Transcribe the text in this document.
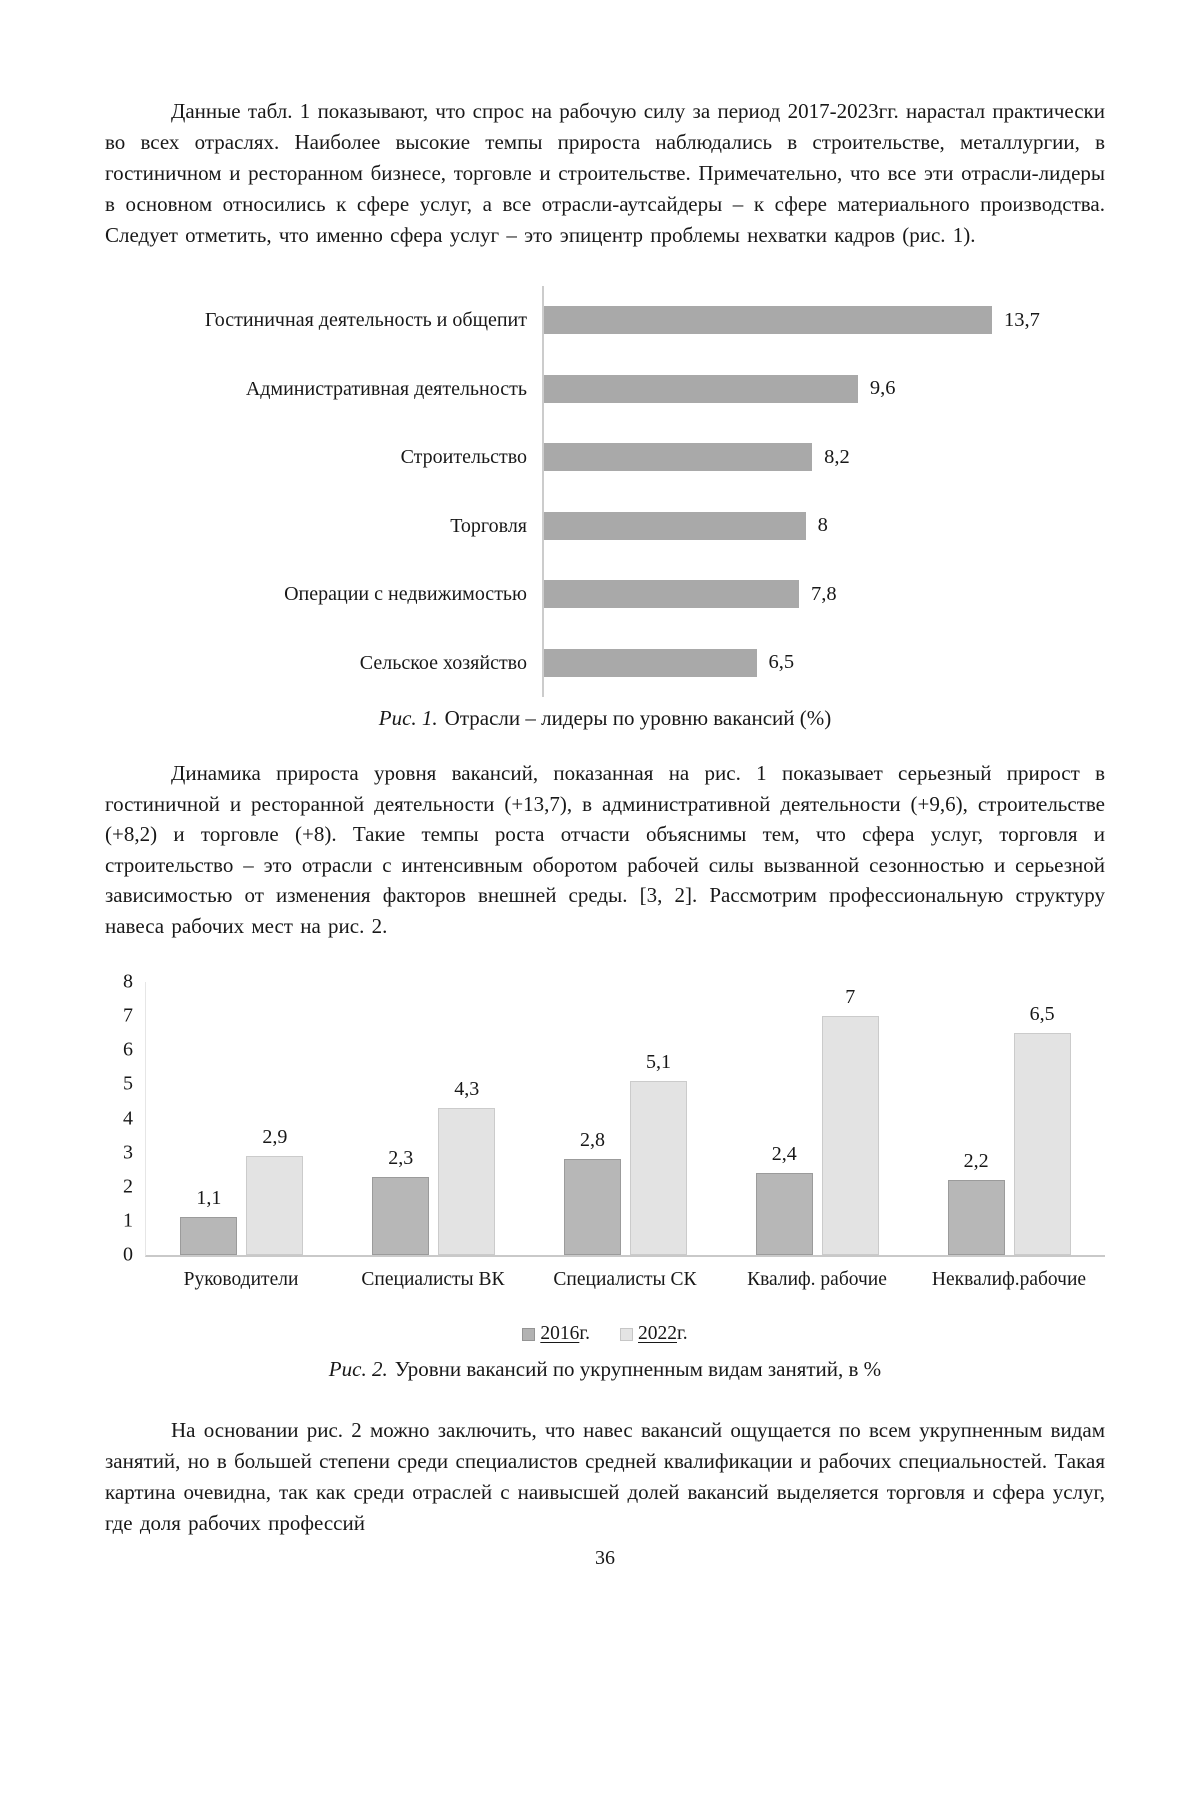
Данные табл. 1 показывают, что спрос на рабочую силу за период 2017-2023гг. нарастал практически во всех отраслях. Наиболее высокие темпы прироста наблюдались в строительстве, металлургии, в гостиничном и ресторанном бизнесе, торговле и строительстве. Примечательно, что все эти отрасли-лидеры в основном относились к сфере услуг, а все отрасли-аутсайдеры – к сфере материального производства. Следует отметить, что именно сфера услуг – это эпицентр проблемы нехватки кадров (рис. 1).

Гостиничная деятельность и общепит
Административная деятельность
Строительство
Торговля
Операции с недвижимостью
Сельское хозяйство
13,7
9,6
8,2
8
7,8
6,5
Рис. 1. Отрасли – лидеры по уровню вакансий (%)

Динамика прироста уровня вакансий, показанная на рис. 1 показывает серьезный прирост в гостиничной и ресторанной деятельности (+13,7), в административной деятельности (+9,6), строительстве (+8,2) и торговле (+8). Такие темпы роста отчасти объяснимы тем, что сфера услуг, торговля и строительство – это отрасли с интенсивным оборотом рабочей силы вызванной сезонностью и серьезной зависимостью от изменения факторов внешней среды. [3, 2]. Рассмотрим профессиональную структуру навеса рабочих мест на рис. 2.

0
1
2
3
4
5
6
7
8
1,1
2,9
2,3
4,3
2,8
5,1
2,4
7
2,2
6,5
Руководители	Специалисты ВК	Специалисты СК	Квалиф. рабочие	Неквалиф.рабочие
2016 г. 2022 г.
Рис. 2. Уровни вакансий по укрупненным видам занятий, в %

На основании рис. 2 можно заключить, что навес вакансий ощущается по всем укрупненным видам занятий, но в большей степени среди специалистов средней квалификации и рабочих специальностей. Такая картина очевидна, так как среди отраслей с наивысшей долей вакансий выделяется торговля и сфера услуг, где доля рабочих профессий

36
